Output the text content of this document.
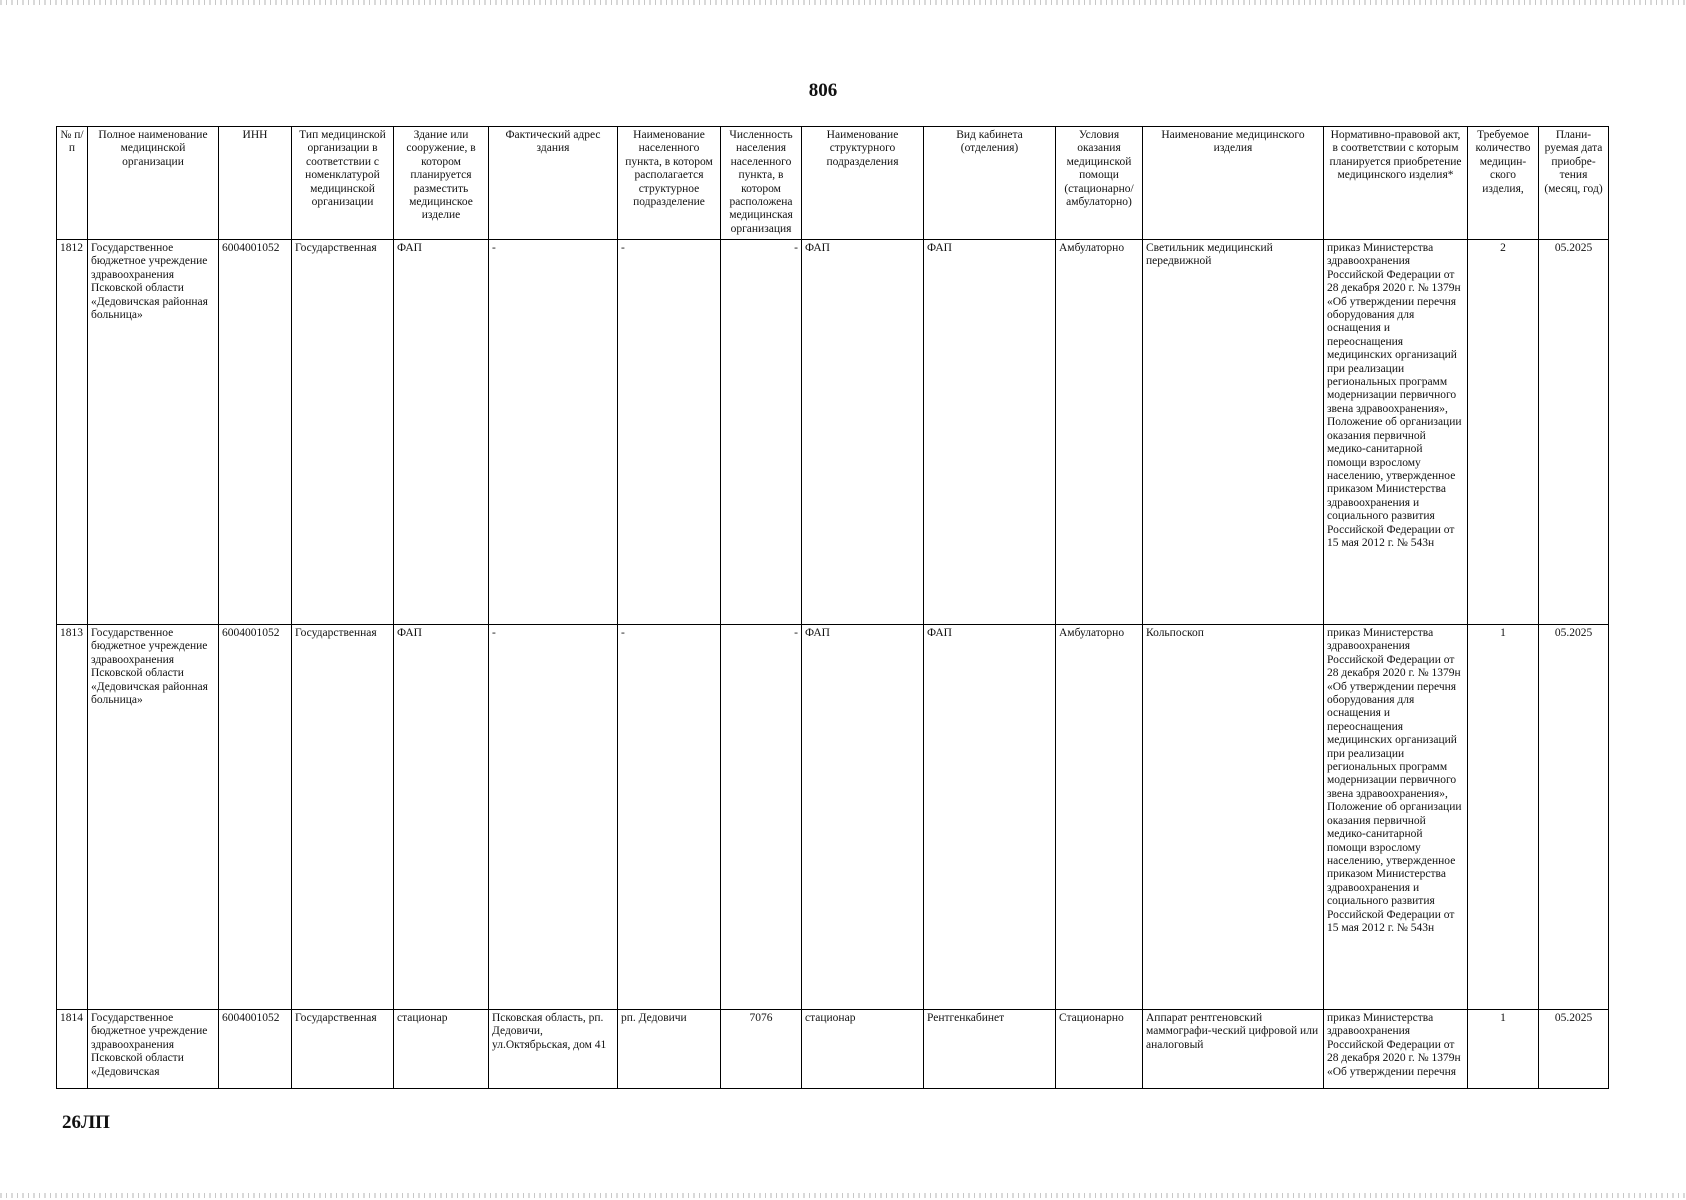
806
№ п/п	Полное наименование медицинской организации	ИНН	Тип медицинской организации в соответствии с номенклатурой медицинской организации	Здание или сооружение, в котором планируется разместить медицинское изделие	Фактический адрес здания	Наименование населенного пункта, в котором располагается структурное подразделение	Численность населения населенного пункта, в котором расположена медицинская организация	Наименование структурного подразделения	Вид кабинета (отделения)	Условия оказания медицинской помощи (стационарно/ амбулаторно)	Наименование медицинского изделия	Нормативно-правовой акт, в соответствии с которым планируется приобретение медицинского изделия*	Требуемое количество медицин-ского изделия,	Плани-руемая дата приобре-тения (месяц, год)
1812	Государственное бюджетное учреждение здравоохранения Псковской области «Дедовичская районная больница»	6004001052	Государственная	ФАП	-	-	-	ФАП	ФАП	Амбулаторно	Светильник медицинский передвижной	приказ Министерства здравоохранения Российской Федерации от 28 декабря 2020 г. № 1379н «Об утверждении перечня оборудования для оснащения и переоснащения медицинских организаций при реализации региональных программ модернизации первичного звена здравоохранения», Положение об организации оказания первичной медико-санитарной помощи взрослому населению, утвержденное приказом Министерства здравоохранения и социального развития Российской Федерации от 15 мая 2012 г. № 543н	2	05.2025
1813	Государственное бюджетное учреждение здравоохранения Псковской области «Дедовичская районная больница»	6004001052	Государственная	ФАП	-	-	-	ФАП	ФАП	Амбулаторно	Кольпоскоп	приказ Министерства здравоохранения Российской Федерации от 28 декабря 2020 г. № 1379н «Об утверждении перечня оборудования для оснащения и переоснащения медицинских организаций при реализации региональных программ модернизации первичного звена здравоохранения», Положение об организации оказания первичной медико-санитарной помощи взрослому населению, утвержденное приказом Министерства здравоохранения и социального развития Российской Федерации от 15 мая 2012 г. № 543н	1	05.2025
1814	Государственное бюджетное учреждение здравоохранения Псковской области «Дедовичская	6004001052	Государственная	стационар	Псковская область, рп. Дедовичи, ул.Октябрьская, дом 41	рп. Дедовичи	7076	стационар	Рентгенкабинет	Стационарно	Аппарат рентгеновский маммографи-ческий цифровой или аналоговый	приказ Министерства здравоохранения Российской Федерации от 28 декабря 2020 г. № 1379н «Об утверждении перечня	1	05.2025
26ЛП
